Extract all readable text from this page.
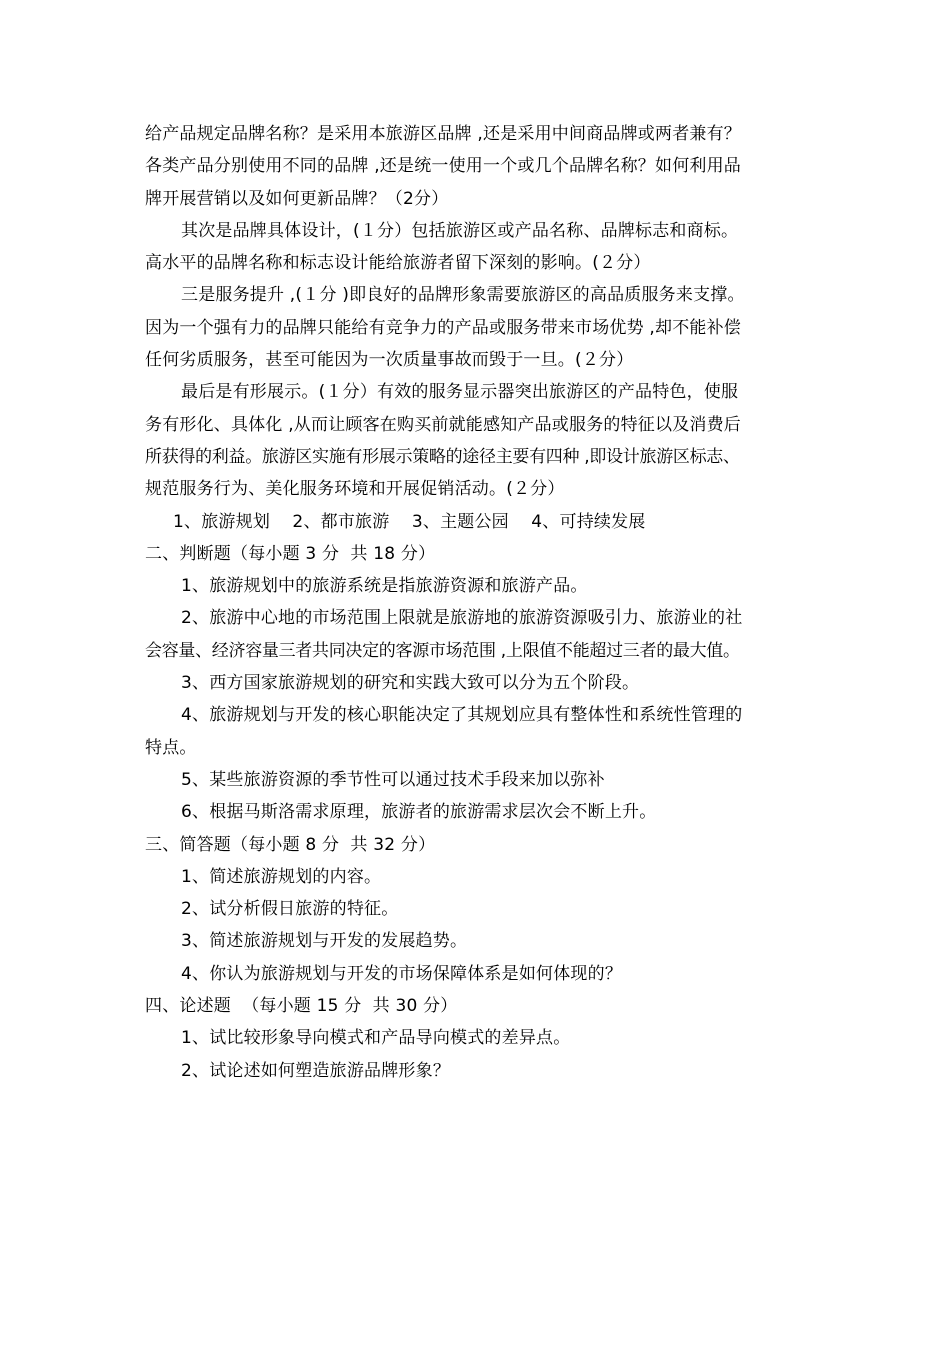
给产品规定品牌名称？是采用本旅游区品牌 ,还是采用中间商品牌或两者兼有？
各类产品分别使用不同的品牌 ,还是统一使用一个或几个品牌名称？如何利用品
牌开展营销以及如何更新品牌？（2分）
其次是品牌具体设计，(１分）包括旅游区或产品名称、品牌标志和商标。
高水平的品牌名称和标志设计能给旅游者留下深刻的影响。(２分）
三是服务提升 ,(１分 )即良好的品牌形象需要旅游区的高品质服务来支撑。
因为一个强有力的品牌只能给有竞争力的产品或服务带来市场优势 ,却不能补偿
任何劣质服务，甚至可能因为一次质量事故而毁于一旦。(２分）
最后是有形展示。(１分）有效的服务显示器突出旅游区的产品特色，使服
务有形化、具体化 ,从而让顾客在购买前就能感知产品或服务的特征以及消费后
所获得的利益。旅游区实施有形展示策略的途径主要有四种 ,即设计旅游区标志、
规范服务行为、美化服务环境和开展促销活动。(２分）
1、旅游规划    2、都市旅游    3、主题公园    4、可持续发展
二、判断题（每小题 3 分  共 18 分）
1、旅游规划中的旅游系统是指旅游资源和旅游产品。
2、旅游中心地的市场范围上限就是旅游地的旅游资源吸引力、旅游业的社
会容量、经济容量三者共同决定的客源市场范围 ,上限值不能超过三者的最大值。
3、西方国家旅游规划的研究和实践大致可以分为五个阶段。
4、旅游规划与开发的核心职能决定了其规划应具有整体性和系统性管理的
特点。
5、某些旅游资源的季节性可以通过技术手段来加以弥补
6、根据马斯洛需求原理，旅游者的旅游需求层次会不断上升。
三、简答题（每小题 8 分  共 32 分）
1、简述旅游规划的内容。
2、试分析假日旅游的特征。
3、简述旅游规划与开发的发展趋势。
4、你认为旅游规划与开发的市场保障体系是如何体现的？
四、论述题  （每小题 15 分  共 30 分）
1、试比较形象导向模式和产品导向模式的差异点。
2、试论述如何塑造旅游品牌形象？
